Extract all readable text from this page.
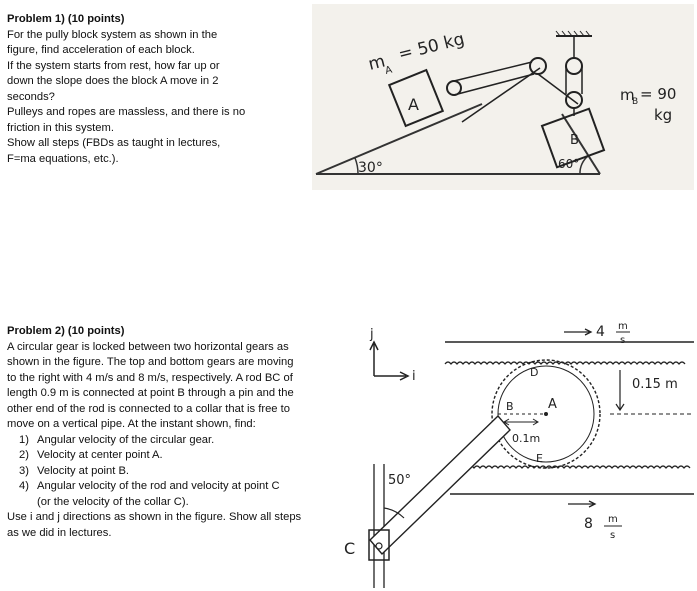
Problem 1) (10 points)
For the pully block system as shown in the
figure, find acceleration of each block.
If the system starts from rest, how far up or
down the slope does the block A move in 2
seconds?
Pulleys and ropes are massless, and there is no
friction in this system.
Show all steps (FBDs as taught in lectures,
F=ma equations, etc.).
A
B
m
A
= 50 kg
m
B = 90
kg
30°	60°
Problem 2) (10 points)
A circular gear is locked between two horizontal gears as
shown in the figure. The top and bottom gears are moving
to the right with 4 m/s and 8 m/s, respectively. A rod BC of
length 0.9 m is connected at point B through a pin and the
other end of the rod is connected to a collar that is free to
move on a vertical pipe. At the instant shown, find:
1) Angular velocity of the circular gear.
2) Velocity at center point A.
3) Velocity at point B.
4) Angular velocity of the rod and velocity at point C
(or the velocity of the collar C).
Use i and j directions as shown in the figure. Show all steps
as we did in lectures.
j
i
4 m
s
0.15 m
D
B	A
E
0.1m
8 m
s
50°
C
